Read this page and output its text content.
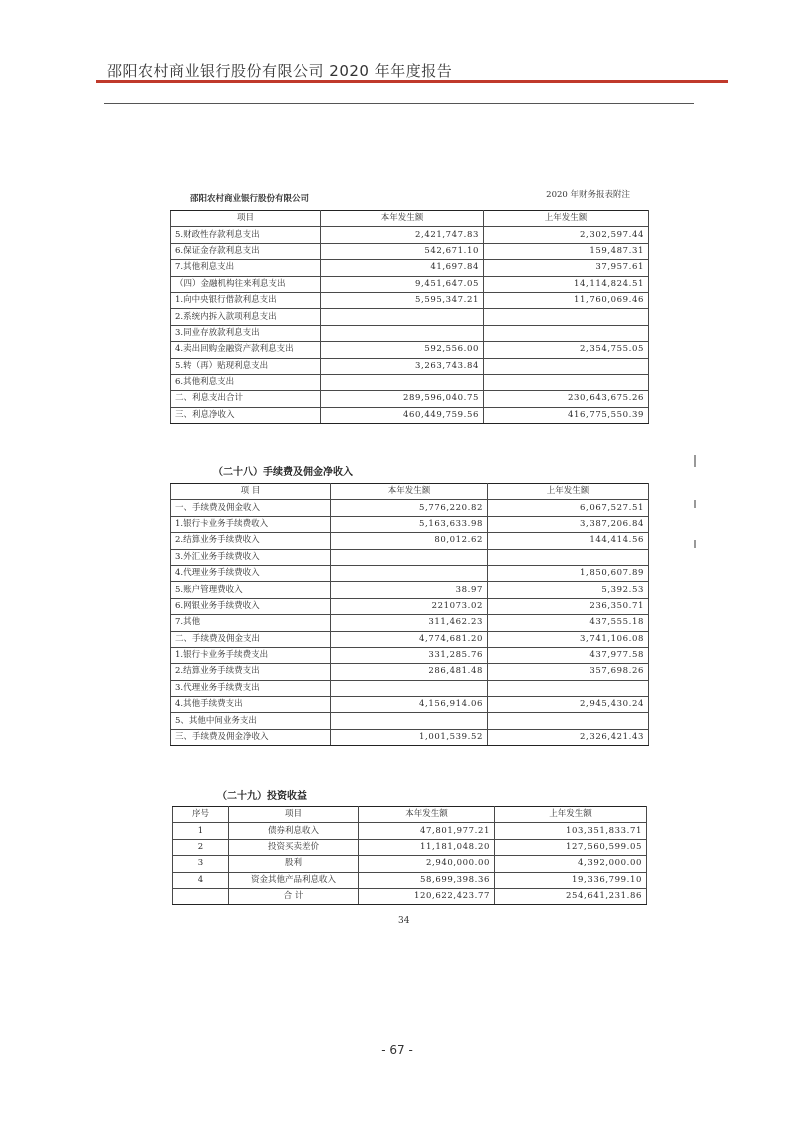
邵阳农村商业银行股份有限公司 2020 年年度报告
邵阳农村商业银行股份有限公司	2020 年财务报表附注
项目	本年发生额	上年发生额
5.财政性存款利息支出	2,421,747.83	2,302,597.44
6.保证金存款利息支出	542,671.10	159,487.31
7.其他利息支出	41,697.84	37,957.61
（四）金融机构往来利息支出	9,451,647.05	14,114,824.51
1.向中央银行借款利息支出	5,595,347.21	11,760,069.46
2.系统内拆入款项利息支出		
3.同业存放款利息支出		
4.卖出回购金融资产款利息支出	592,556.00	2,354,755.05
5.转（再）贴现利息支出	3,263,743.84	
6.其他利息支出		
二、利息支出合计	289,596,040.75	230,643,675.26
三、利息净收入	460,449,759.56	416,775,550.39
（二十八）手续费及佣金净收入
项 目	本年发生额	上年发生额
一、手续费及佣金收入	5,776,220.82	6,067,527.51
1.银行卡业务手续费收入	5,163,633.98	3,387,206.84
2.结算业务手续费收入	80,012.62	144,414.56
3.外汇业务手续费收入		
4.代理业务手续费收入		1,850,607.89
5.账户管理费收入	38.97	5,392.53
6.网银业务手续费收入	221073.02	236,350.71
7.其他	311,462.23	437,555.18
二、手续费及佣金支出	4,774,681.20	3,741,106.08
1.银行卡业务手续费支出	331,285.76	437,977.58
2.结算业务手续费支出	286,481.48	357,698.26
3.代理业务手续费支出		
4.其他手续费支出	4,156,914.06	2,945,430.24
5、其他中间业务支出		
三、手续费及佣金净收入	1,001,539.52	2,326,421.43
（二十九）投资收益
序号	项目	本年发生额	上年发生额
1	债券利息收入	47,801,977.21	103,351,833.71
2	投资买卖差价	11,181,048.20	127,560,599.05
3	股利	2,940,000.00	4,392,000.00
4	资金其他产品利息收入	58,699,398.36	19,336,799.10
	合 计	120,622,423.77	254,641,231.86
34
- 67 -
